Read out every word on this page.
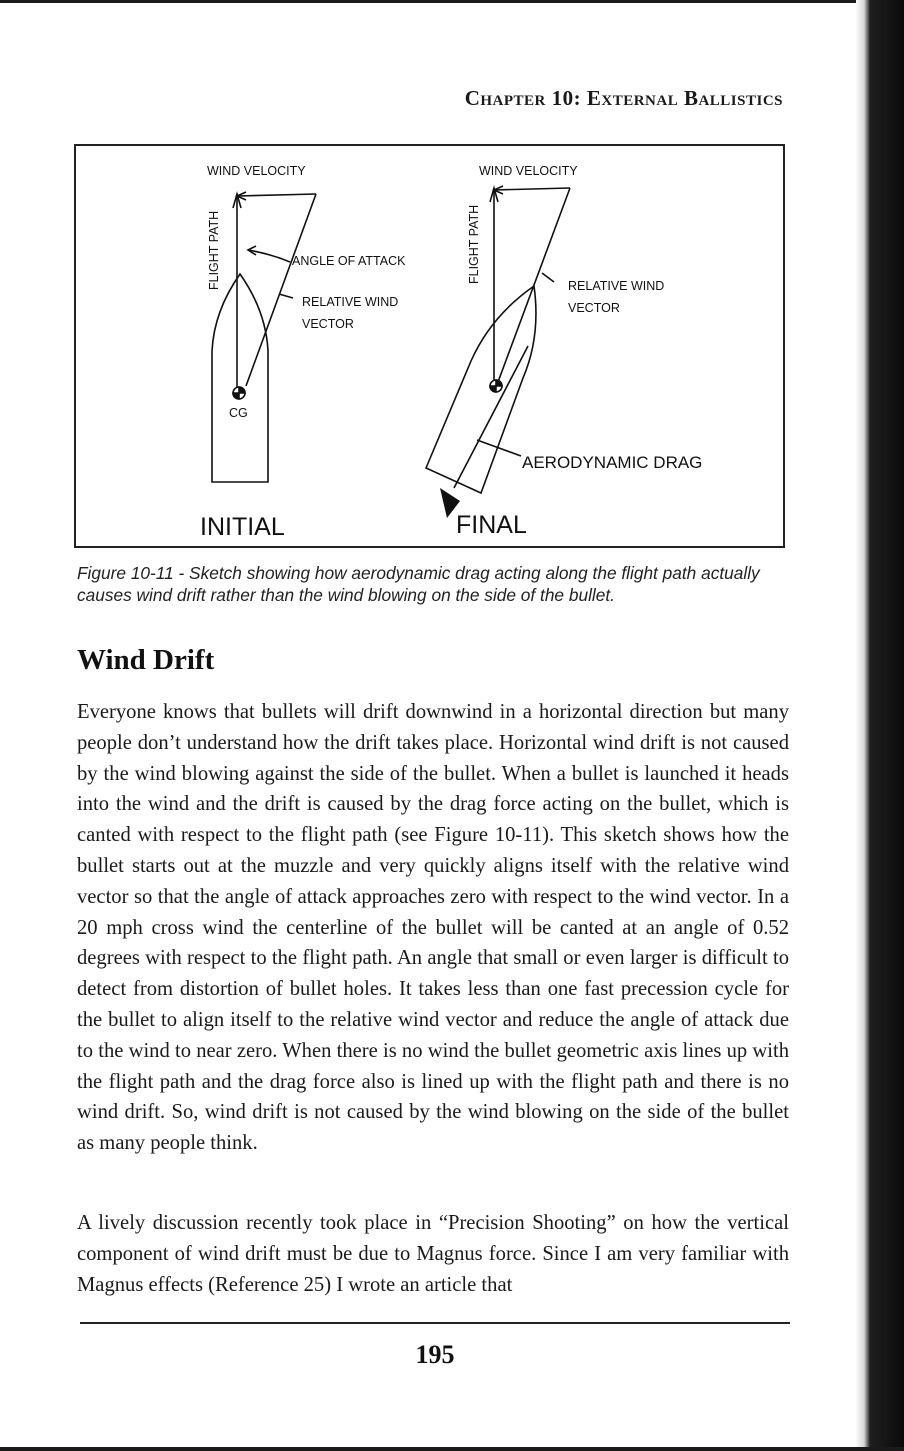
Chapter 10: External Ballistics
WIND VELOCITY
FLIGHT PATH	ANGLE OF ATTACK
RELATIVE WIND
VECTOR
CG
INITIAL
WIND VELOCITY
FLIGHT PATH
RELATIVE WIND
VECTOR
AERODYNAMIC DRAG
FINAL
Figure 10-11 - Sketch showing how aerodynamic drag acting along the flight path actually causes wind drift rather than the wind blowing on the side of the bullet.
Wind Drift

Everyone knows that bullets will drift downwind in a horizontal direction but many people don’t understand how the drift takes place. Horizontal wind drift is not caused by the wind blowing against the side of the bullet. When a bullet is launched it heads into the wind and the drift is caused by the drag force acting on the bullet, which is canted with respect to the flight path (see Figure 10-11). This sketch shows how the bullet starts out at the muzzle and very quickly aligns itself with the relative wind vector so that the angle of attack approaches zero with respect to the wind vector. In a 20 mph cross wind the centerline of the bullet will be canted at an angle of 0.52 degrees with respect to the flight path. An angle that small or even larger is difficult to detect from distortion of bullet holes. It takes less than one fast precession cycle for the bullet to align itself to the relative wind vector and reduce the angle of attack due to the wind to near zero. When there is no wind the bullet geometric axis lines up with the flight path and the drag force also is lined up with the flight path and there is no wind drift. So, wind drift is not caused by the wind blowing on the side of the bullet as many people think.

A lively discussion recently took place in “Precision Shooting” on how the vertical component of wind drift must be due to Magnus force. Since I am very familiar with Magnus effects (Reference 25) I wrote an article that

195
